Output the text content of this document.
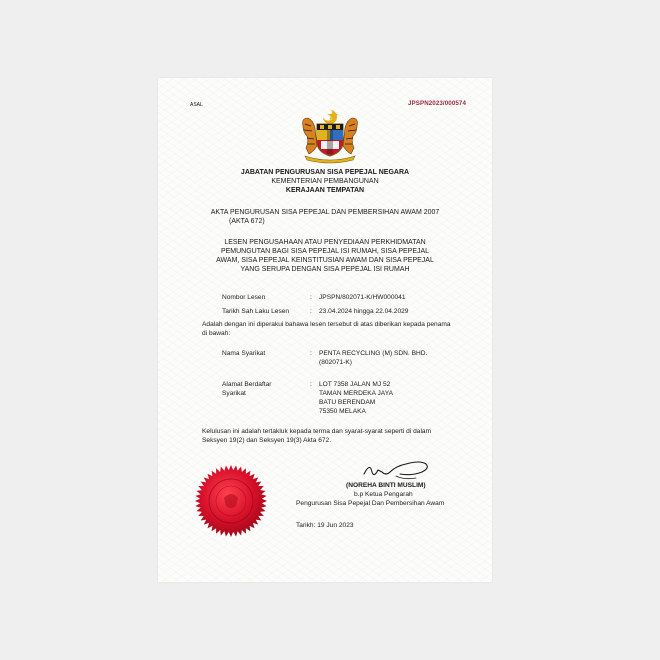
ASAL	JPSPN2023/000574
JABATAN PENGURUSAN SISA PEPEJAL NEGARA
KEMENTERIAN PEMBANGUNAN
KERAJAAN TEMPATAN
AKTA PENGURUSAN SISA PEPEJAL DAN PEMBERSIHAN AWAM 2007
(AKTA 672)
LESEN PENGUSAHAAN ATAU PENYEDIAAN PERKHIDMATAN
PEMUNGUTAN BAGI SISA PEPEJAL ISI RUMAH, SISA PEPEJAL
AWAM, SISA PEPEJAL KEINSTITUSIAN AWAM DAN SISA PEPEJAL
YANG SERUPA DENGAN SISA PEPEJAL ISI RUMAH
Nombor Lesen	: JPSPN/802071-K/HW000041
Tarikh Sah Laku Lesen	: 23.04.2024 hingga 22.04.2029
Adalah dengan ini diperakui bahawa lesen tersebut di atas diberikan kepada penama
di bawah:
Nama Syarikat	: PENTA RECYCLING (M) SDN. BHD.
(802071-K)
Alamat Berdaftar
Syarikat
: LOT 7358 JALAN MJ 52
TAMAN MERDEKA JAYA
BATU BERENDAM
75350 MELAKA
Kelulusan ini adalah tertakluk kepada terma dan syarat-syarat seperti di dalam
Seksyen 19(2) dan Seksyen 19(3) Akta 672.
(NOREHA BINTI MUSLIM)
b.p Ketua Pengarah
Pengurusan Sisa Pepejal Dan Pembersihan Awam
Tarikh: 19 Jun 2023
